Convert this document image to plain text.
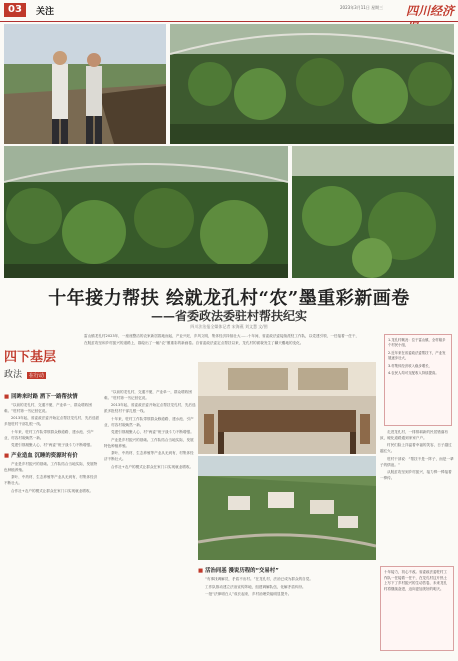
03	关注	2023年3月11日 星期三 四川经济
十年接力帮扶 绘就龙孔村“农”墨重彩新画卷
——省委政法委驻村帮扶纪实
四川法治报全媒体记者 宋海燕 刘文慧 文/图
四下基层
政法 在行动

雷山镇龙孔村2023年，一座座整洁的农家新居拔地而起，产业兴旺，乡风文明，集体经济持续壮大……十年间，省委政法委接续派驻工作队，以党建引领，一任接着一任干，

在脱贫攻坚和乡村振兴的道路上，描绘出了一幅“农”墨重彩的新画卷。自省委政法委定点帮扶以来，龙孔村的面貌发生了翻天覆地的变化。

1.龙孔村概况：位于雷山镇，全村辖多个村民小组，

2.近年来在省委政法委帮扶下，产业发展逐步壮大，

3.村集体经济收入稳步增长，

4.农民人均可支配收入持续提高。

■ 回眸来时路 洒下一路帮扶情

“以前的龙孔村，交通不便，产业单一，群众增收困难。”驻村第一书记回忆说。

2013年起，省委政法委开始定点帮扶龙孔村，先后选派多批驻村干部扎根一线。

十年来，驻村工作队带领群众修道路、建水池、引产业，村容村貌焕然一新。

党建引领凝聚人心，村“两委”班子战斗力不断增强。

■ 产业造血 沉睡的资源时有价

产业是乡村振兴的基础。工作队结合当地实际，发展特色种植养殖。

茶叶、中药材、生态养殖等产业从无到有，村集体经济不断壮大。

合作社+农户的模式让群众在家门口实现就业增收。

“以前的龙孔村，交通不便，产业单一，群众增收困难。”驻村第一书记回忆说。

2013年起，省委政法委开始定点帮扶龙孔村，先后选派多批驻村干部扎根一线。

十年来，驻村工作队带领群众修道路、建水池、引产业，村容村貌焕然一新。

党建引领凝聚人心，村“两委”班子战斗力不断增强。

产业是乡村振兴的基础。工作队结合当地实际，发展特色种植养殖。

茶叶、中药材、生态养殖等产业从无到有，村集体经济不断壮大。

合作社+农户的模式让群众在家门口实现就业增收。

走进龙孔村，一排排崭新的民居错落有致，硬化道路通到家家户户。

村民们脸上洋溢着幸福的笑容，日子越过越红火。

驻村干部说：“帮扶不是一阵子，而是一辈子的情谊。”

从脱贫攻坚到乡村振兴，接力棒一棒接着一棒传。

■ 活治同基 漫说历程的“交易村”

“有事找调解员，矛盾不出村。”在龙孔村，法治已成为群众的自觉。

工作队推动建立法治宣传阵地，组建调解队伍，化解矛盾纠纷。

一批“法律明白人”成长起来，乡村治理效能明显提升。

十年接力，初心不改。省委政法委驻村工作队一任接着一任干，在龙孔村这片热土上写下了乡村振兴的生动答卷，未来龙孔村将继续奋进，迈向更加美好的明天。
